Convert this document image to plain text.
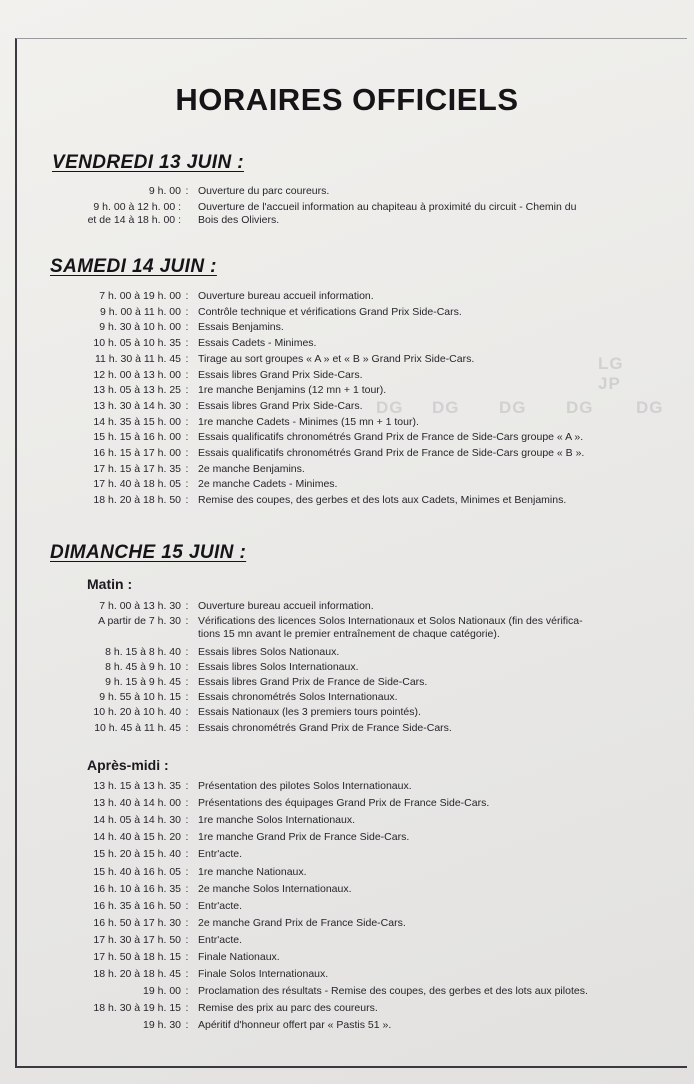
DG DG DG DG	DG
LG
JP
HORAIRES OFFICIELS
VENDREDI 13 JUIN :
9 h. 00 : Ouverture du parc coureurs.
9 h. 00 à 12 h. 00 :
et de 14 à 18 h. 00 :
Ouverture de l'accueil information au chapiteau à proximité du circuit - Chemin du
Bois des Oliviers.
SAMEDI 14 JUIN :
7 h. 00 à 19 h. 00 : Ouverture bureau accueil information.
9 h. 00 à 11 h. 00 : Contrôle technique et vérifications Grand Prix Side-Cars.
9 h. 30 à 10 h. 00 : Essais Benjamins.
10 h. 05 à 10 h. 35 : Essais Cadets - Minimes.
11 h. 30 à 11 h. 45 : Tirage au sort groupes « A » et « B » Grand Prix Side-Cars.
12 h. 00 à 13 h. 00 : Essais libres Grand Prix Side-Cars.
13 h. 05 à 13 h. 25 : 1re manche Benjamins (12 mn + 1 tour).
13 h. 30 à 14 h. 30 : Essais libres Grand Prix Side-Cars.
14 h. 35 à 15 h. 00 : 1re manche Cadets - Minimes (15 mn + 1 tour).
15 h. 15 à 16 h. 00 : Essais qualificatifs chronométrés Grand Prix de France de Side-Cars groupe « A ».
16 h. 15 à 17 h. 00 : Essais qualificatifs chronométrés Grand Prix de France de Side-Cars groupe « B ».
17 h. 15 à 17 h. 35 : 2e manche Benjamins.
17 h. 40 à 18 h. 05 : 2e manche Cadets - Minimes.
18 h. 20 à 18 h. 50 : Remise des coupes, des gerbes et des lots aux Cadets, Minimes et Benjamins.
DIMANCHE 15 JUIN :
Matin :
7 h. 00 à 13 h. 30 : Ouverture bureau accueil information.
A partir de 7 h. 30 : Vérifications des licences Solos Internationaux et Solos Nationaux (fin des vérifica-
tions 15 mn avant le premier entraînement de chaque catégorie).
8 h. 15 à 8 h. 40 : Essais libres Solos Nationaux.
8 h. 45 à 9 h. 10 : Essais libres Solos Internationaux.
9 h. 15 à 9 h. 45 : Essais libres Grand Prix de France de Side-Cars.
9 h. 55 à 10 h. 15 : Essais chronométrés Solos Internationaux.
10 h. 20 à 10 h. 40 : Essais Nationaux (les 3 premiers tours pointés).
10 h. 45 à 11 h. 45 : Essais chronométrés Grand Prix de France Side-Cars.
Après-midi :
13 h. 15 à 13 h. 35 : Présentation des pilotes Solos Internationaux.
13 h. 40 à 14 h. 00 : Présentations des équipages Grand Prix de France Side-Cars.
14 h. 05 à 14 h. 30 : 1re manche Solos Internationaux.
14 h. 40 à 15 h. 20 : 1re manche Grand Prix de France Side-Cars.
15 h. 20 à 15 h. 40 : Entr'acte.
15 h. 40 à 16 h. 05 : 1re manche Nationaux.
16 h. 10 à 16 h. 35 : 2e manche Solos Internationaux.
16 h. 35 à 16 h. 50 : Entr'acte.
16 h. 50 à 17 h. 30 : 2e manche Grand Prix de France Side-Cars.
17 h. 30 à 17 h. 50 : Entr'acte.
17 h. 50 à 18 h. 15 : Finale Nationaux.
18 h. 20 à 18 h. 45 : Finale Solos Internationaux.
19 h. 00 : Proclamation des résultats - Remise des coupes, des gerbes et des lots aux pilotes.
18 h. 30 à 19 h. 15 : Remise des prix au parc des coureurs.
19 h. 30 : Apéritif d'honneur offert par « Pastis 51 ».
